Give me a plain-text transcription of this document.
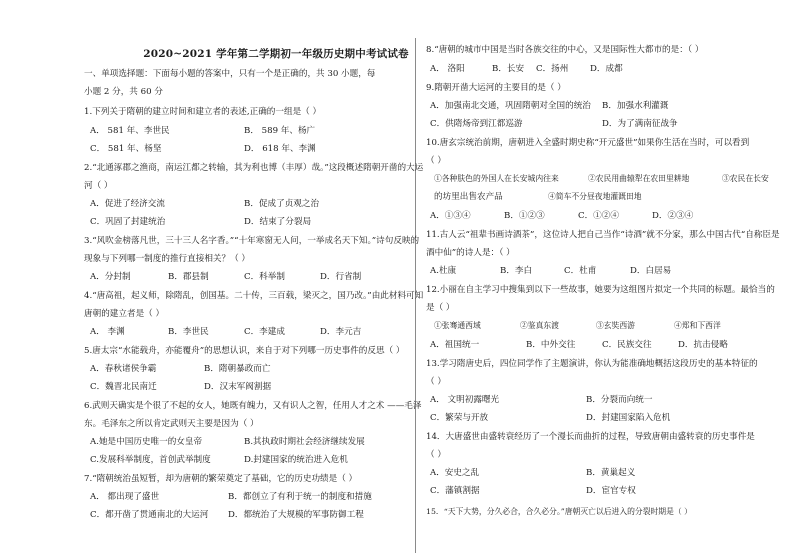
2020~2021 学年第二学期初一年级历史期中考试试卷
一、单项选择题：下面每小题的答案中，只有一个是正确的，共 30 小题，每
小题 2 分，共 60 分
1.下列关于隋朝的建立时间和建立者的表述,正确的一组是（ ）
A． 581 年、李世民	B． 589 年、杨广
C． 581 年、杨坚	D． 618 年、李渊
2.“北通涿郡之渔商，南运江都之转输，其为利也博（丰厚）哉。”这段概述隋朝开凿的大运
河（ ）
A．促进了经济交流	B．促成了贞观之治
C．巩固了封建统治	D．结束了分裂局
3.“风吹金榜落凡世，三十三人名字香。”“十年寒窗无人问，一举成名天下知。”诗句反映的
现象与下列哪一制度的推行直接相关？（ ）
A．分封制	B．郡县制	C．科举制	D．行省制
4.“唐高祖，起义师，除隋乱，创国基。二十传，三百载，梁灭之，国乃改。”由此材料可知
唐朝的建立者是（ ）
A． 李渊	B．李世民	C．李建成	D．李元吉
5.唐太宗“水能载舟，亦能覆舟”的思想认识，来自于对下列哪一历史事件的反思（ ）
A．春秋诸侯争霸	B．隋朝暴政而亡
C．魏晋北民南迁	D．汉末军阀割据
6.武则天确实是个很了不起的女人，她既有魄力，又有识人之智，任用人才之术 ——毛泽
东。毛泽东之所以肯定武则天主要是因为（ ）
A.她是中国历史唯一的女皇帝	B.其执政时期社会经济继续发展
C.发展科举制度，首创武举制度	D.封建国家的统治进入危机
7.“隋朝统治虽短暂，却为唐朝的繁荣奠定了基础，它的历史功绩是（ ）
A． 都出现了盛世	B．都创立了有利于统一的制度和措施
C．都开凿了贯通南北的大运河 D．都统治了大规模的军事防御工程
8.“唐朝的城市中国是当时各族交往的中心，又是国际性大都市的是：（ ）
A． 洛阳	B．长安 C．扬州	D．成都
9.隋朝开凿大运河的主要目的是（ ）
A．加强南北交通，巩固隋朝对全国的统治 B．加强水利灌溉
C．供隋炀帝到江都巡游	D．为了满南征战争
10.唐玄宗统治前期，唐朝进入全盛时期史称“开元盛世”如果你生活在当时，可以看到
（ ）
①各种肤色的外国人在长安城内往来	②农民用曲辕犁在农田里耕地	③农民在长安
的坊里出售农产品	④简车不分昼夜地灌溉田地
A．①③④	B．①②③	C．①②④	D．②③④
11.古人云“祖辈书画诗酒茶”，这位诗人把自己当作“诗酒”就不分家，那么中国古代“自称臣是
酒中仙”的诗人是：（ ）
A.杜康	B．李白	C．杜甫	D．白居易
12.小丽在自主学习中搜集到以下一些故事，她要为这组图片拟定一个共同的标题。最恰当的
是（ ）
①张骞通西域	②鉴真东渡	③玄奘西游	④郑和下西洋
A．祖国统一	B．中外交往	C．民族交往	D．抗击侵略
13.学习隋唐史后，四位同学作了主题演讲，你认为能准确地概括这段历史的基本特征的
（ ）
A． 文明初露曙光	B．分裂而向统一
C．繁荣与开放	D．封建国家陷入危机
14．大唐盛世由盛转衰经历了一个漫长而曲折的过程，导致唐朝由盛转衰的历史事件是
（ ）
A．安史之乱	B．黄巢起义
C．藩镇割据	D．宦官专权
15．“天下大势，分久必合，合久必分。”唐朝灭亡以后进入的分裂时期是（ ）
